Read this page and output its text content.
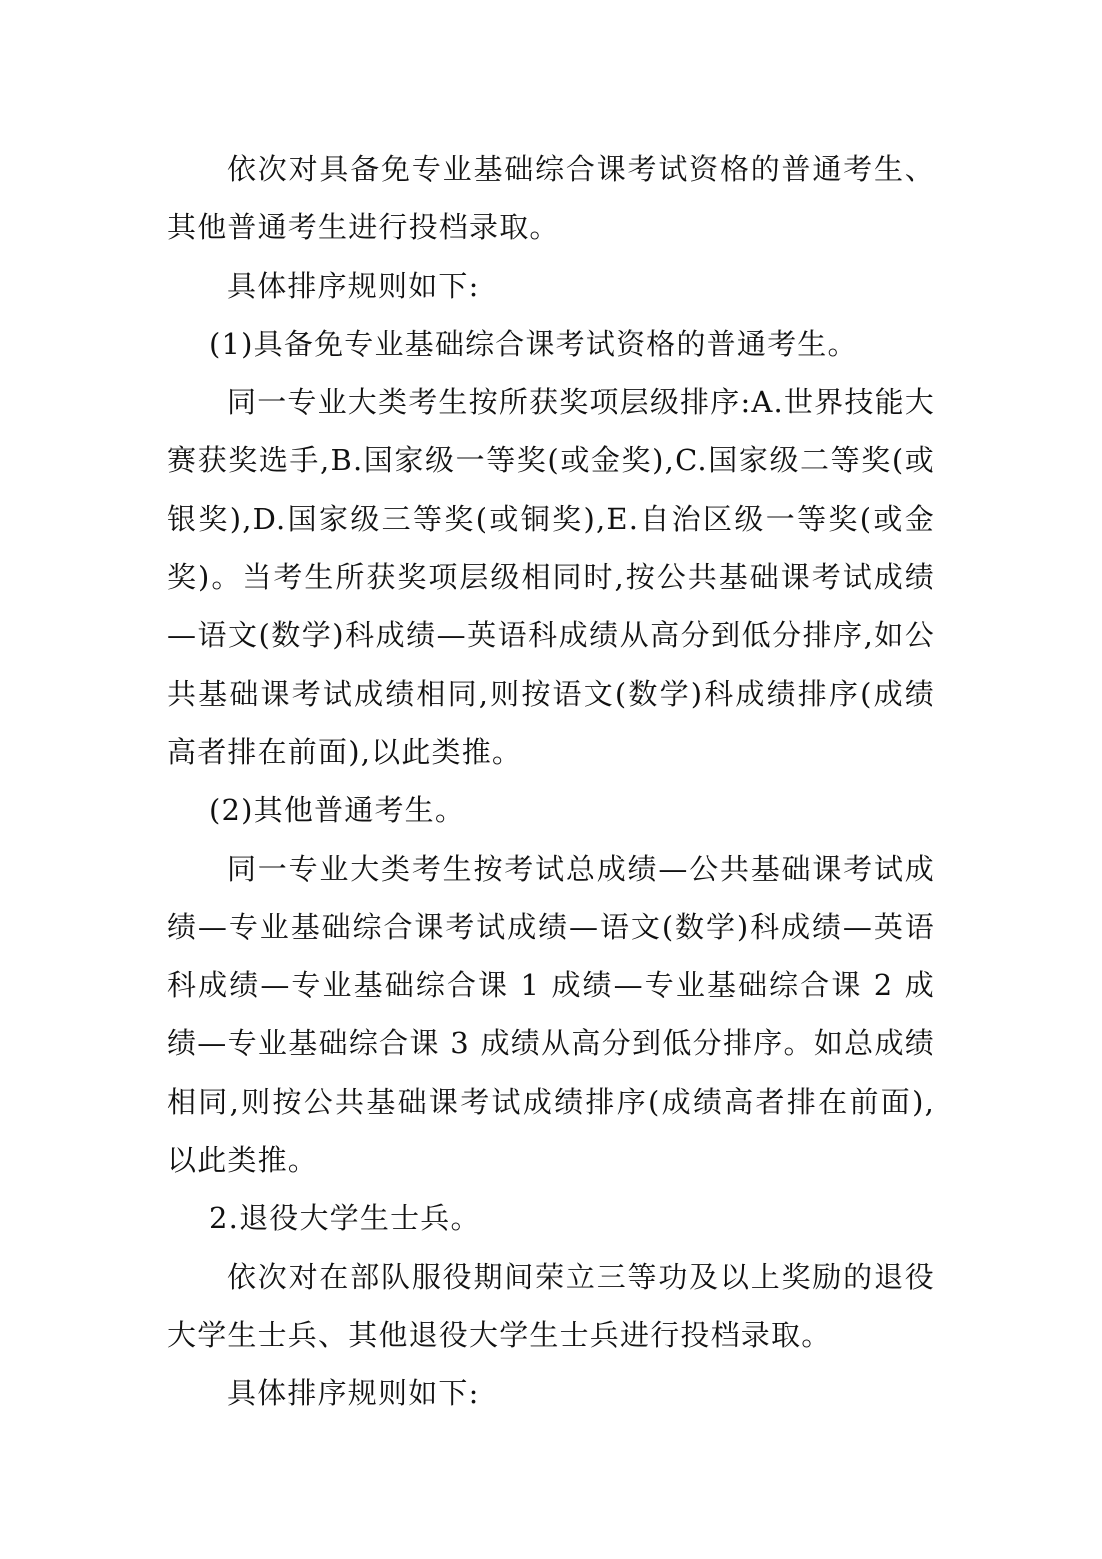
依次对具备免专业基础综合课考试资格的普通考生、其他普通考生进行投档录取。

具体排序规则如下:

(1)具备免专业基础综合课考试资格的普通考生。

同一专业大类考生按所获奖项层级排序:A.世界技能大赛获奖选手,B.国家级一等奖(或金奖),C.国家级二等奖(或银奖),D.国家级三等奖(或铜奖),E.自治区级一等奖(或金奖)。当考生所获奖项层级相同时,按公共基础课考试成绩—语文(数学)科成绩—英语科成绩从高分到低分排序,如公共基础课考试成绩相同,则按语文(数学)科成绩排序(成绩高者排在前面),以此类推。

(2)其他普通考生。

同一专业大类考生按考试总成绩—公共基础课考试成绩—专业基础综合课考试成绩—语文(数学)科成绩—英语科成绩—专业基础综合课 1 成绩—专业基础综合课 2 成绩—专业基础综合课 3 成绩从高分到低分排序。如总成绩相同,则按公共基础课考试成绩排序(成绩高者排在前面),以此类推。

2.退役大学生士兵。

依次对在部队服役期间荣立三等功及以上奖励的退役大学生士兵、其他退役大学生士兵进行投档录取。

具体排序规则如下:
